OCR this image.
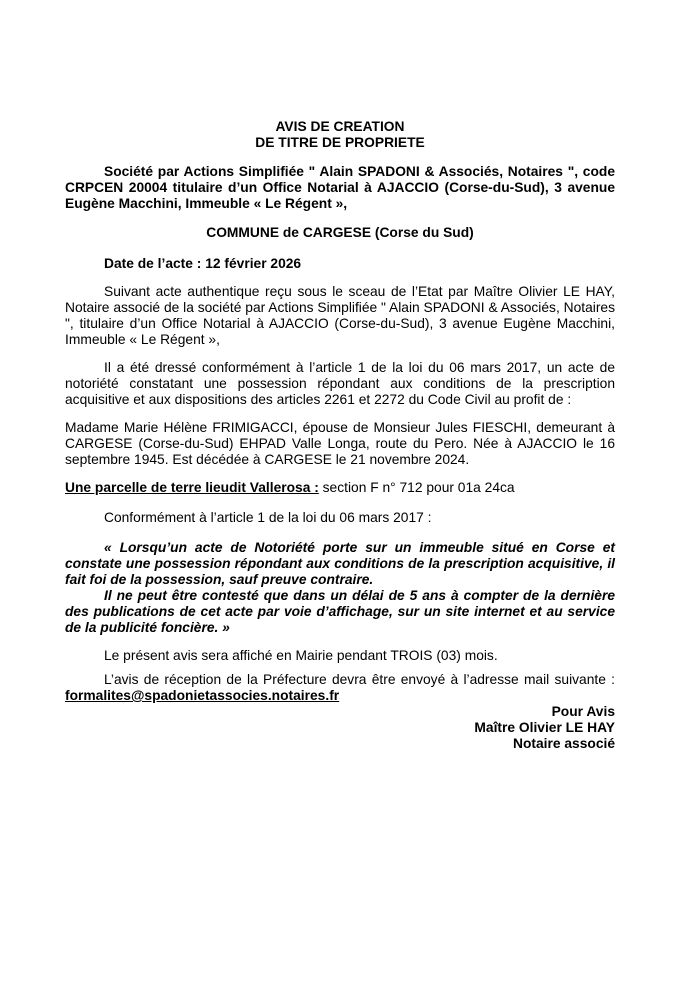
AVIS DE CREATION
DE TITRE DE PROPRIETE

Société par Actions Simplifiée " Alain SPADONI & Associés, Notaires ", code CRPCEN 20004 titulaire d’un Office Notarial à AJACCIO (Corse-du-Sud), 3 avenue Eugène Macchini, Immeuble « Le Régent »,

COMMUNE de CARGESE (Corse du Sud)

Date de l’acte : 12 février 2026

Suivant acte authentique reçu sous le sceau de l’Etat par Maître Olivier LE HAY, Notaire associé de la société par Actions Simplifiée " Alain SPADONI & Associés, Notaires ", titulaire d’un Office Notarial à AJACCIO (Corse-du-Sud), 3 avenue Eugène Macchini, Immeuble « Le Régent »,

Il a été dressé conformément à l’article 1 de la loi du 06 mars 2017, un acte de notoriété constatant une possession répondant aux conditions de la prescription acquisitive et aux dispositions des articles 2261 et 2272 du Code Civil au profit de :

Madame Marie Hélène FRIMIGACCI, épouse de Monsieur Jules FIESCHI, demeurant à CARGESE (Corse-du-Sud) EHPAD Valle Longa, route du Pero. Née à AJACCIO le 16 septembre 1945. Est décédée à CARGESE le 21 novembre 2024.

Une parcelle de terre lieudit Vallerosa : section F n° 712 pour 01a 24ca

Conformément à l’article 1 de la loi du 06 mars 2017 :

« Lorsqu’un acte de Notoriété porte sur un immeuble situé en Corse et constate une possession répondant aux conditions de la prescription acquisitive, il fait foi de la possession, sauf preuve contraire.

Il ne peut être contesté que dans un délai de 5 ans à compter de la dernière des publications de cet acte par voie d’affichage, sur un site internet et au service de la publicité foncière. »

Le présent avis sera affiché en Mairie pendant TROIS (03) mois.

L’avis de réception de la Préfecture devra être envoyé à l’adresse mail suivante :

formalites@spadonietassocies.notaires.fr

Pour Avis
Maître Olivier LE HAY
Notaire associé
